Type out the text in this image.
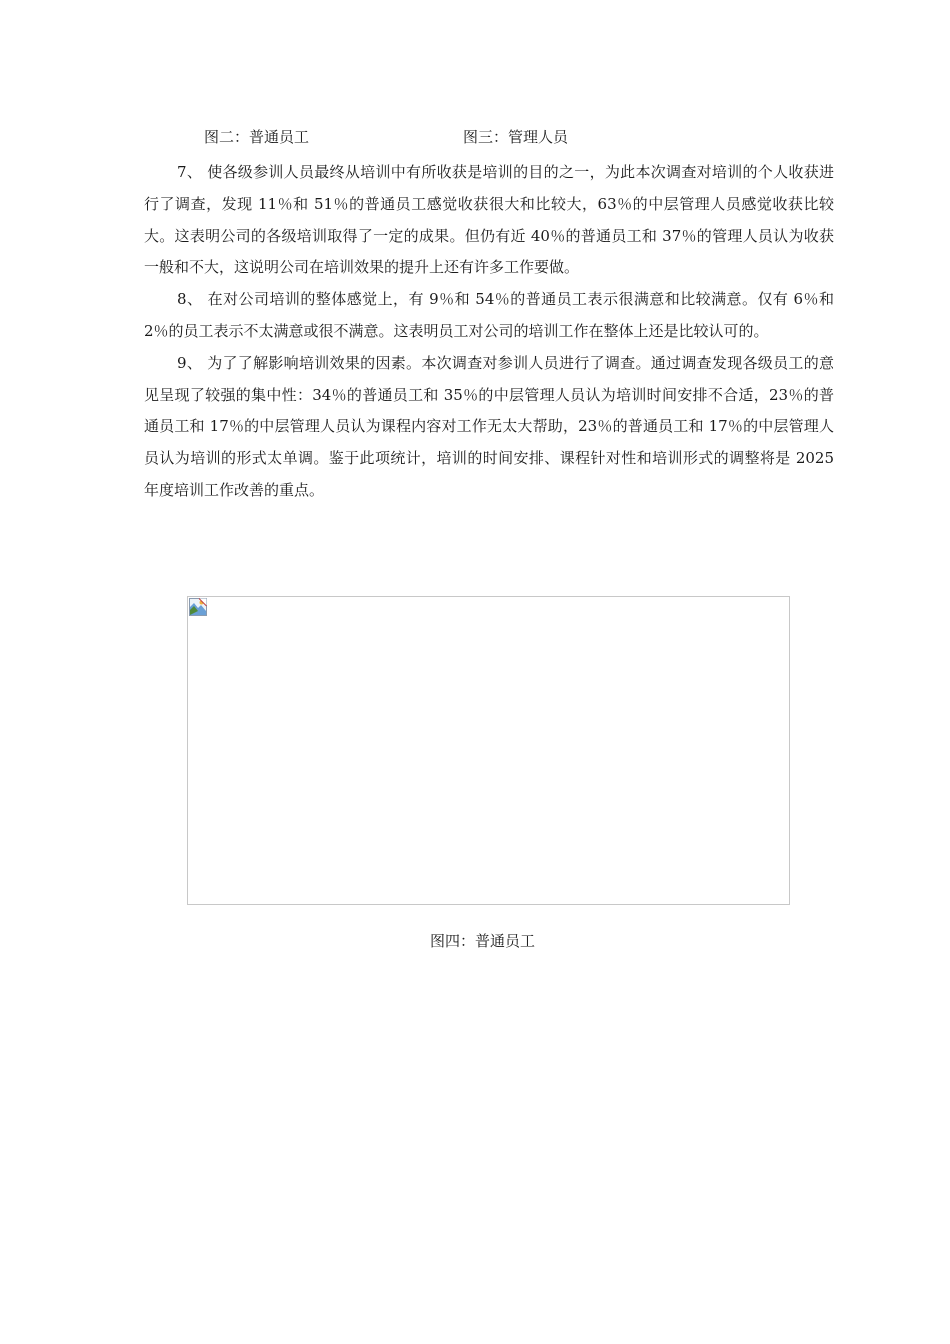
图二：普通员工	图三：管理人员

7、 使各级参训人员最终从培训中有所收获是培训的目的之一，为此本次调查对培训的个人收获进行了调查，发现 11％和 51％的普通员工感觉收获很大和比较大，63％的中层管理人员感觉收获比较大。这表明公司的各级培训取得了一定的成果。但仍有近 40％的普通员工和 37％的管理人员认为收获一般和不大，这说明公司在培训效果的提升上还有许多工作要做。

8、 在对公司培训的整体感觉上，有 9％和 54％的普通员工表示很满意和比较满意。仅有 6％和 2％的员工表示不太满意或很不满意。这表明员工对公司的培训工作在整体上还是比较认可的。

9、 为了了解影响培训效果的因素。本次调查对参训人员进行了调查。通过调查发现各级员工的意见呈现了较强的集中性：34％的普通员工和 35％的中层管理人员认为培训时间安排不合适，23％的普通员工和 17％的中层管理人员认为课程内容对工作无太大帮助，23％的普通员工和 17％的中层管理人员认为培训的形式太单调。鉴于此项统计，培训的时间安排、课程针对性和培训形式的调整将是 2025 年度培训工作改善的重点。

图四：普通员工
